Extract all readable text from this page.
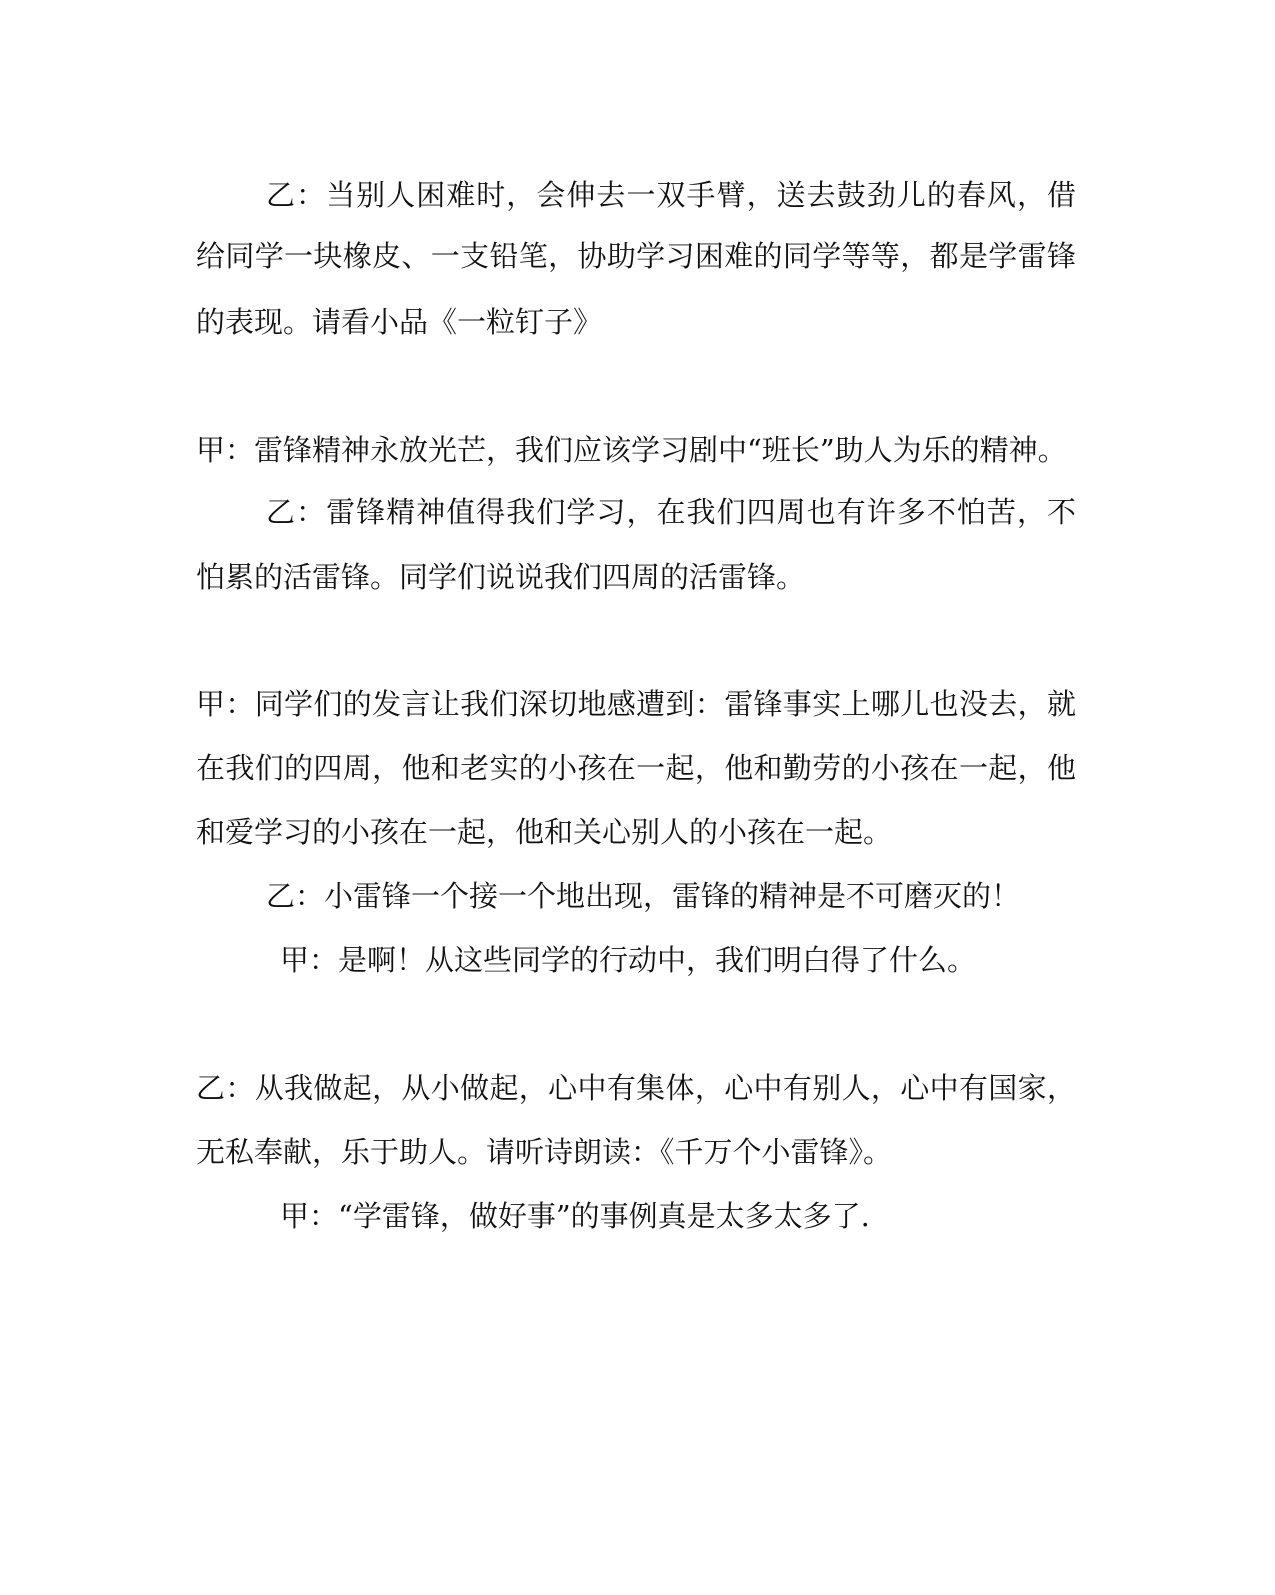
乙：当别人困难时，会伸去一双手臂，送去鼓劲儿的春风，借

给同学一块橡皮、一支铅笔，协助学习困难的同学等等，都是学雷锋

的表现。请看小品《一粒钉子》

甲：雷锋精神永放光芒，我们应该学习剧中“班长”助人为乐的精神。

乙：雷锋精神值得我们学习，在我们四周也有许多不怕苦，不

怕累的活雷锋。同学们说说我们四周的活雷锋。

甲：同学们的发言让我们深切地感遭到：雷锋事实上哪儿也没去，就

在我们的四周，他和老实的小孩在一起，他和勤劳的小孩在一起，他

和爱学习的小孩在一起，他和关心别人的小孩在一起。

乙：小雷锋一个接一个地出现，雷锋的精神是不可磨灭的！

甲：是啊！从这些同学的行动中，我们明白得了什么。

乙：从我做起，从小做起，心中有集体，心中有别人，心中有国家，

无私奉献，乐于助人。请听诗朗读：《千万个小雷锋》。

甲：“学雷锋，做好事”的事例真是太多太多了.
